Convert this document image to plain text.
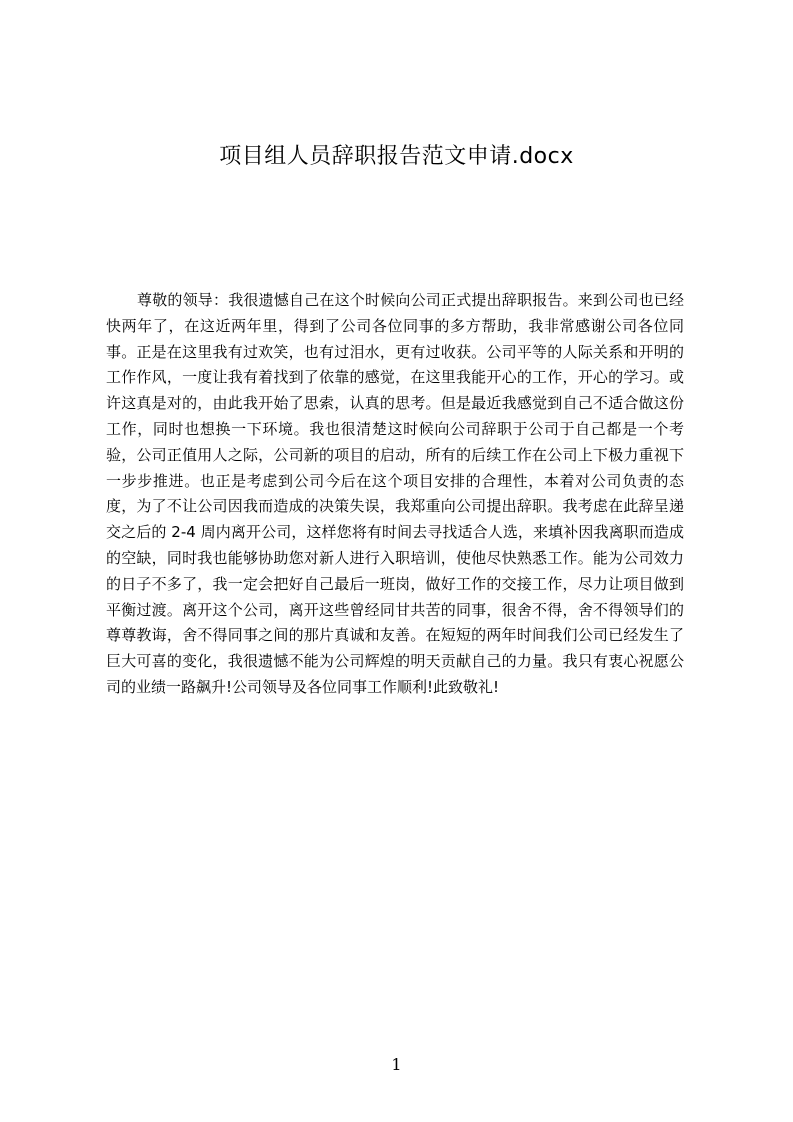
项目组人员辞职报告范文申请.docx

尊敬的领导：我很遗憾自己在这个时候向公司正式提出辞职报告。来到公司也已经快两年了，在这近两年里，得到了公司各位同事的多方帮助，我非常感谢公司各位同事。正是在这里我有过欢笑，也有过泪水，更有过收获。公司平等的人际关系和开明的工作作风，一度让我有着找到了依靠的感觉，在这里我能开心的工作，开心的学习。或许这真是对的，由此我开始了思索，认真的思考。但是最近我感觉到自己不适合做这份工作，同时也想换一下环境。我也很清楚这时候向公司辞职于公司于自己都是一个考验，公司正值用人之际，公司新的项目的启动，所有的后续工作在公司上下极力重视下一步步推进。也正是考虑到公司今后在这个项目安排的合理性，本着对公司负责的态度，为了不让公司因我而造成的决策失误，我郑重向公司提出辞职。我考虑在此辞呈递交之后的 2-4 周内离开公司，这样您将有时间去寻找适合人选，来填补因我离职而造成的空缺，同时我也能够协助您对新人进行入职培训，使他尽快熟悉工作。能为公司效力的日子不多了，我一定会把好自己最后一班岗，做好工作的交接工作，尽力让项目做到平衡过渡。离开这个公司，离开这些曾经同甘共苦的同事，很舍不得，舍不得领导们的尊尊教诲，舍不得同事之间的那片真诚和友善。在短短的两年时间我们公司已经发生了巨大可喜的变化，我很遗憾不能为公司辉煌的明天贡献自己的力量。我只有衷心祝愿公司的业绩一路飙升!公司领导及各位同事工作顺利!此致敬礼!

1
